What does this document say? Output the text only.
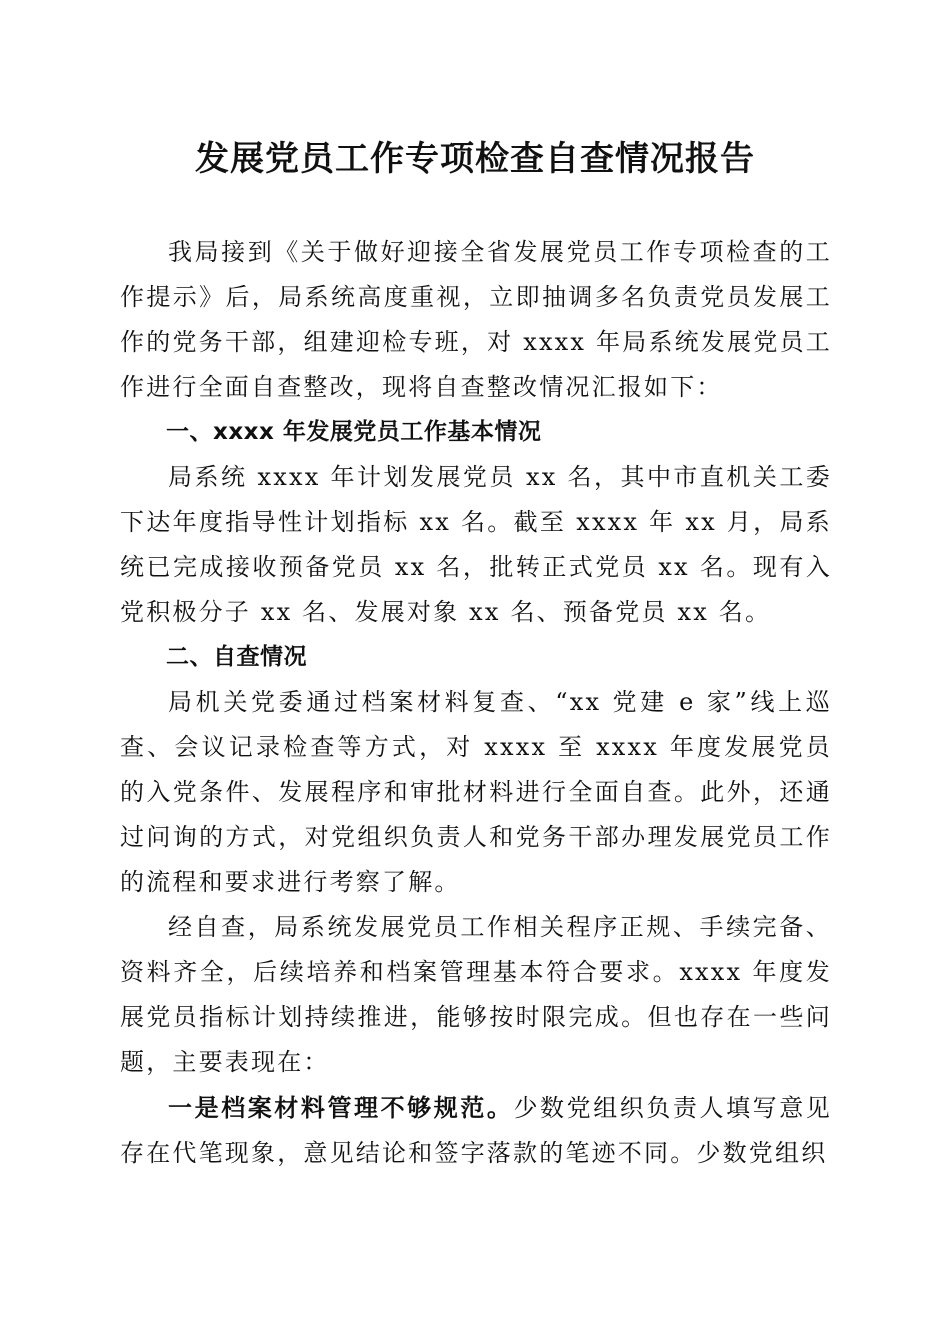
发展党员工作专项检查自查情况报告

我局接到《关于做好迎接全省发展党员工作专项检查的工作提示》后，局系统高度重视，立即抽调多名负责党员发展工作的党务干部，组建迎检专班，对 xxxx 年局系统发展党员工作进行全面自查整改，现将自查整改情况汇报如下：

一、xxxx 年发展党员工作基本情况

局系统 xxxx 年计划发展党员 xx 名，其中市直机关工委下达年度指导性计划指标 xx 名。截至 xxxx 年 xx 月，局系统已完成接收预备党员 xx 名，批转正式党员 xx 名。现有入党积极分子 xx 名、发展对象 xx 名、预备党员 xx 名。

二、自查情况

局机关党委通过档案材料复查、“xx 党建 e 家”线上巡查、会议记录检查等方式，对 xxxx 至 xxxx 年度发展党员的入党条件、发展程序和审批材料进行全面自查。此外，还通过问询的方式，对党组织负责人和党务干部办理发展党员工作的流程和要求进行考察了解。

经自查，局系统发展党员工作相关程序正规、手续完备、资料齐全，后续培养和档案管理基本符合要求。xxxx 年度发展党员指标计划持续推进，能够按时限完成。但也存在一些问题，主要表现在：

一是档案材料管理不够规范。少数党组织负责人填写意见存在代笔现象，意见结论和签字落款的笔迹不同。少数党组织
